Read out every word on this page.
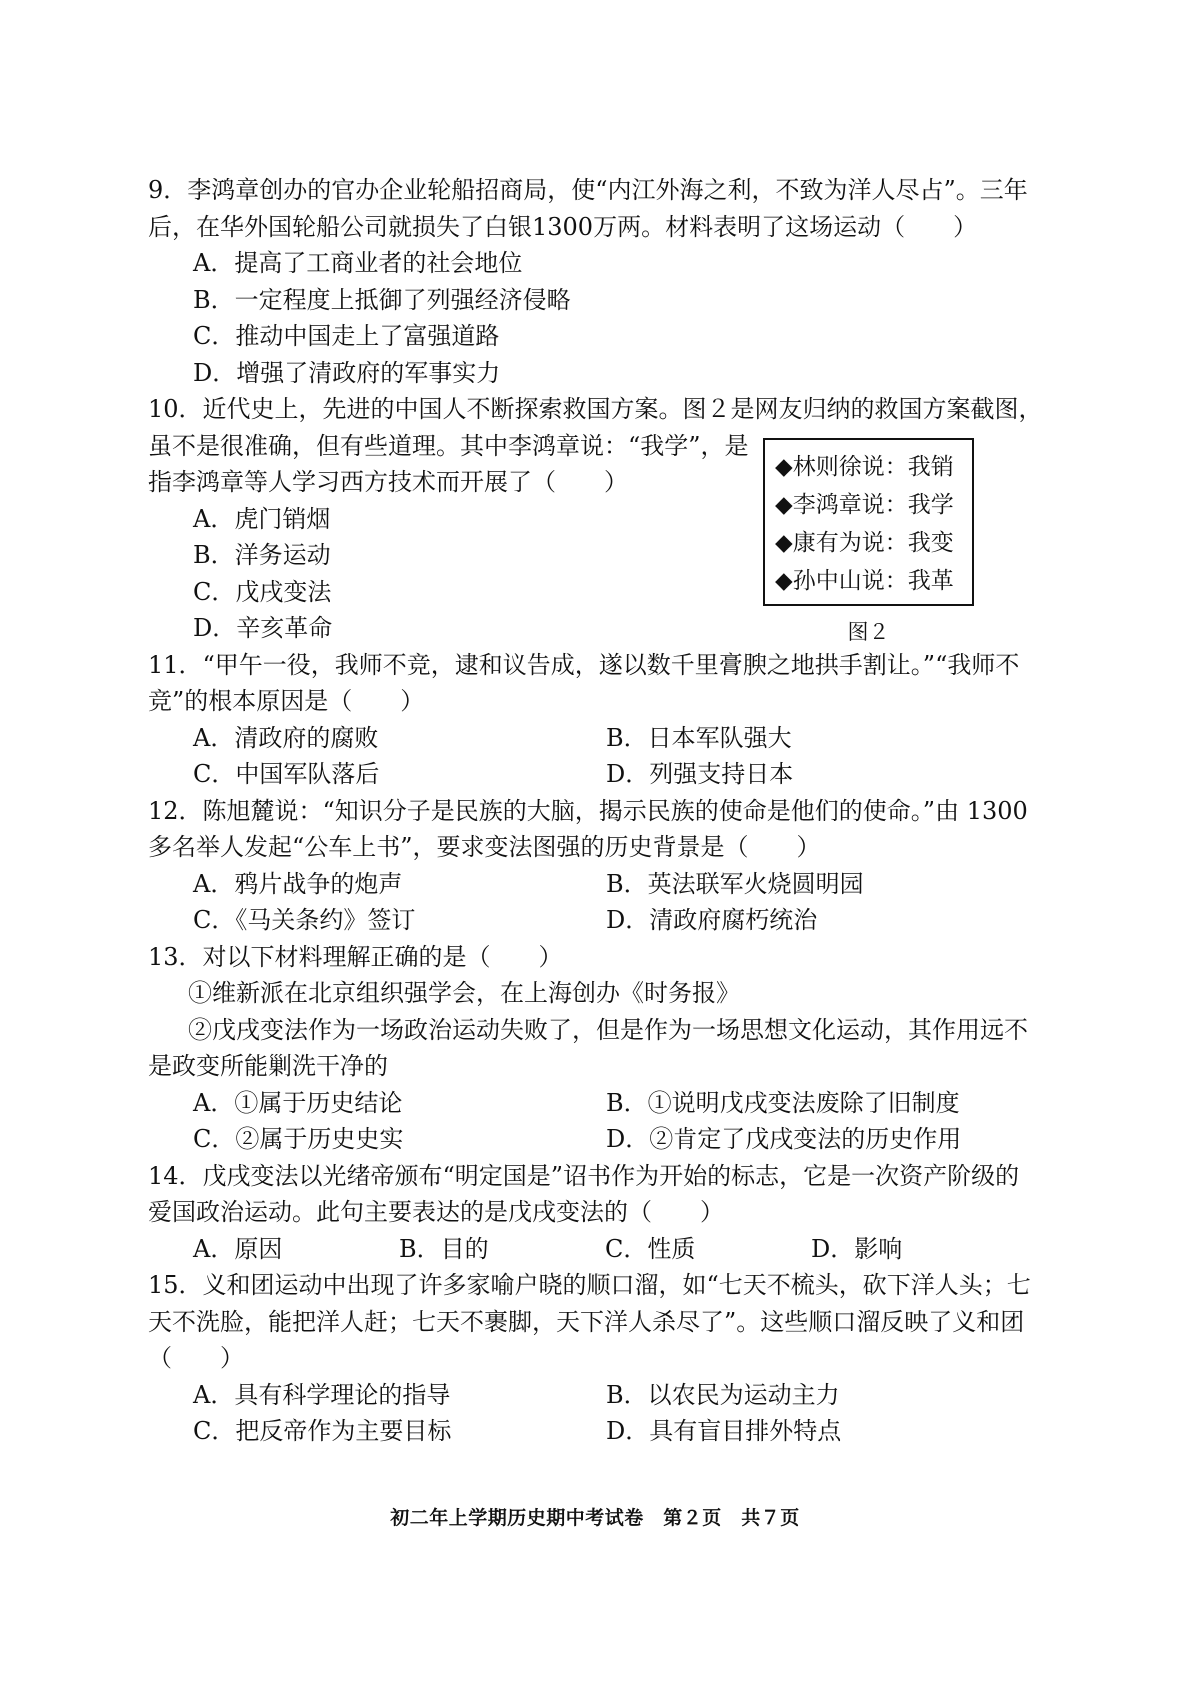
9．李鸿章创办的官办企业轮船招商局，使“内江外海之利，不致为洋人尽占”。三年
后，在华外国轮船公司就损失了白银1300万两。材料表明了这场运动（　　）
A．提高了工商业者的社会地位
B．一定程度上抵御了列强经济侵略
C．推动中国走上了富强道路
D．增强了清政府的军事实力
10．近代史上，先进的中国人不断探索救国方案。图２是网友归纳的救国方案截图，
虽不是很准确，但有些道理。其中李鸿章说：“我学”，是
指李鸿章等人学习西方技术而开展了（　　）
A．虎门销烟
B．洋务运动
C．戊戌变法
D．辛亥革命
◆林则徐说：我销
◆李鸿章说：我学
◆康有为说：我变
◆孙中山说：我革
图２
11．“甲午一役，我师不竞，逮和议告成，遂以数千里膏腴之地拱手割让。”“我师不
竞”的根本原因是（　　）
A．清政府的腐败	B．日本军队强大
C．中国军队落后	D．列强支持日本
12．陈旭麓说：“知识分子是民族的大脑，揭示民族的使命是他们的使命。”由 1300
多名举人发起“公车上书”，要求变法图强的历史背景是（　　）
A．鸦片战争的炮声	B．英法联军火烧圆明园
C．《马关条约》签订	D．清政府腐朽统治
13．对以下材料理解正确的是（　　）
①维新派在北京组织强学会，在上海创办《时务报》
②戊戌变法作为一场政治运动失败了，但是作为一场思想文化运动，其作用远不
是政变所能剿洗干净的
A．①属于历史结论	B．①说明戊戌变法废除了旧制度
C．②属于历史史实	D．②肯定了戊戌变法的历史作用
14．戊戌变法以光绪帝颁布“明定国是”诏书作为开始的标志，它是一次资产阶级的
爱国政治运动。此句主要表达的是戊戌变法的（　　）
A．原因	B．目的	C．性质	D．影响
15．义和团运动中出现了许多家喻户晓的顺口溜，如“七天不梳头，砍下洋人头；七
天不洗脸，能把洋人赶；七天不裹脚，天下洋人杀尽了”。这些顺口溜反映了义和团
（　　）
A．具有科学理论的指导	B．以农民为运动主力
C．把反帝作为主要目标	D．具有盲目排外特点
初二年上学期历史期中考试卷　第２页　共７页
